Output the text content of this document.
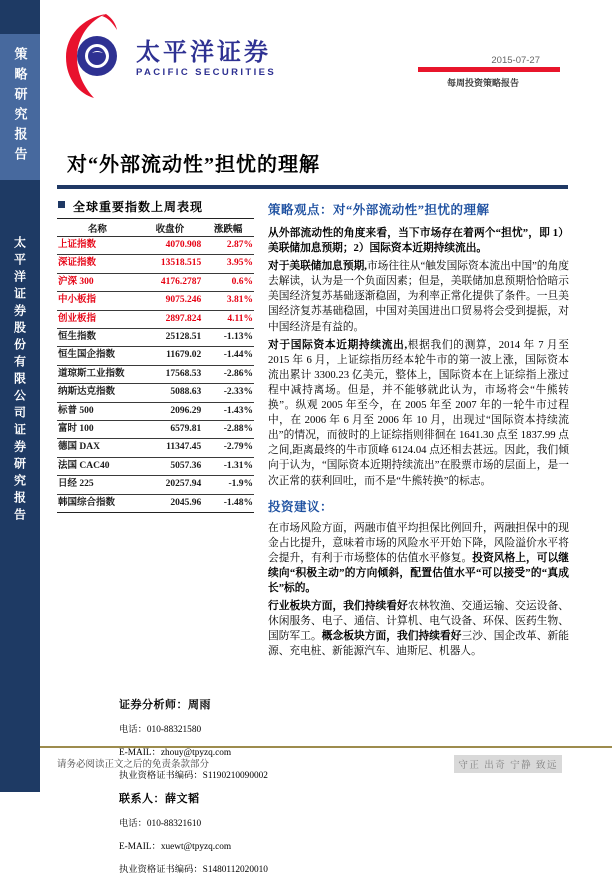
策略研究报告
太平洋证券股份有限公司证券研究报告
太平洋证券
PACIFIC SECURITIES
2015-07-27
每周投资策略报告
对“外部流动性”担忧的理解
全球重要指数上周表现
名称	收盘价	涨跌幅
上证指数	4070.908	2.87%
深证指数	13518.515	3.95%
沪深 300	4176.2787	0.6%
中小板指	9075.246	3.81%
创业板指	2897.824	4.11%
恒生指数	25128.51	-1.13%
恒生国企指数	11679.02	-1.44%
道琼斯工业指数	17568.53	-2.86%
纳斯达克指数	5088.63	-2.33%
标普 500	2096.29	-1.43%
富时 100	6579.81	-2.88%
德国 DAX	11347.45	-2.79%
法国 CAC40	5057.36	-1.31%
日经 225	20257.94	-1.9%
韩国综合指数	2045.96	-1.48%
证券分析师：周雨
电话：010-88321580
E-MAIL：zhouy@tpyzq.com
执业资格证书编码：S1190210090002
联系人：薛文韬
电话：010-88321610
E-MAIL：xuewt@tpyzq.com
执业资格证书编码：S1480112020010
策略观点：对“外部流动性”担忧的理解

从外部流动性的角度来看，当下市场存在着两个“担忧”，即 1）美联储加息预期；2）国际资本近期持续流出。

对于美联储加息预期,市场往往从“触发国际资本流出中国”的角度去解读，认为是一个负面因素；但是，美联储加息预期恰恰暗示美国经济复苏基础逐渐稳固，为利率正常化提供了条件。一旦美国经济复苏基础稳固，中国对美国进出口贸易将会受到提振，对中国经济是有益的。

对于国际资本近期持续流出,根据我们的测算，2014 年 7 月至 2015 年 6 月，上证综指历经本轮牛市的第一波上涨，国际资本流出累计 3300.23 亿美元，整体上，国际资本在上证综指上涨过程中减持离场。但是，并不能够就此认为，市场将会“牛熊转换”。纵观 2005 年至今，在 2005 年至 2007 年的一轮牛市过程中，在 2006 年 6 月至 2006 年 10 月，出现过“国际资本持续流出”的情况，而彼时的上证综指则徘徊在 1641.30 点至 1837.99 点之间,距离最终的牛市顶峰 6124.04 点还相去甚远。因此，我们倾向于认为，“国际资本近期持续流出”在股票市场的层面上，是一次正常的获利回吐，而不是“牛熊转换”的标志。

投资建议：

在市场风险方面，两融市值平均担保比例回升，两融担保中的现金占比提升，意味着市场的风险水平开始下降，风险溢价水平将会提升，有利于市场整体的估值水平修复。投资风格上，可以继续向“积极主动”的方向倾斜，配置估值水平“可以接受”的“真成长”标的。

行业板块方面，我们持续看好农林牧渔、交通运输、交运设备、休闲服务、电子、通信、计算机、电气设备、环保、医药生物、国防军工。概念板块方面，我们持续看好三沙、国企改革、新能源、充电桩、新能源汽车、迪斯尼、机器人。

请务必阅读正文之后的免责条款部分	守正 出奇 宁静 致远
